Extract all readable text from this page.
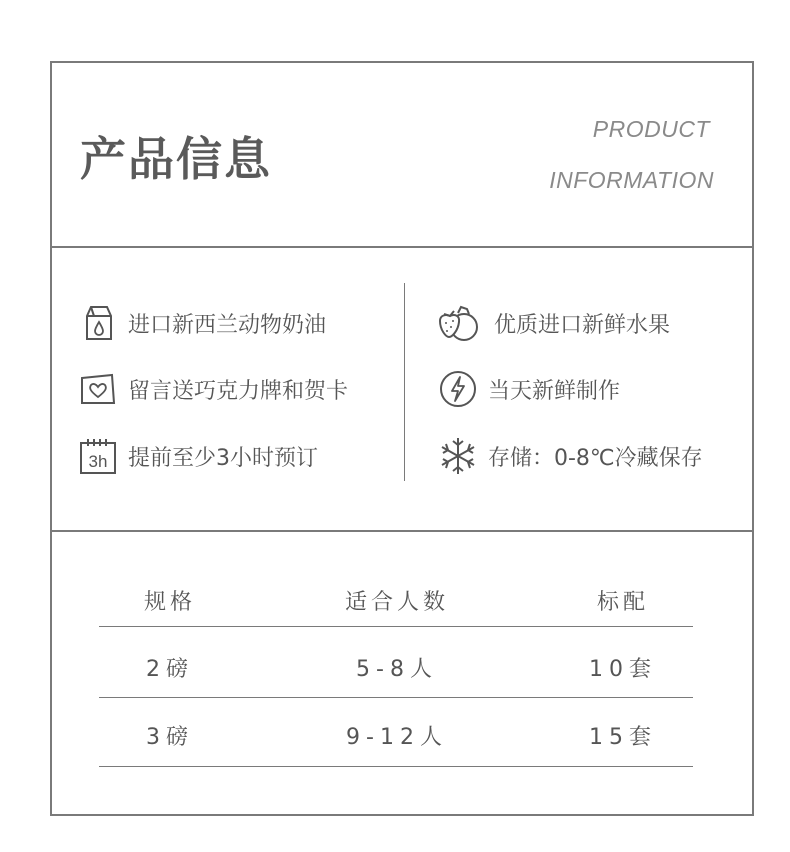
产品信息
PRODUCT
INFORMATION
进口新西兰动物奶油
留言送巧克力牌和贺卡
3h 提前至少3小时预订
优质进口新鲜水果
当天新鲜制作
存储：0-8℃冷藏保存
规格	适合人数	标配
2磅	5-8人	10套
3磅	9-12人	15套
